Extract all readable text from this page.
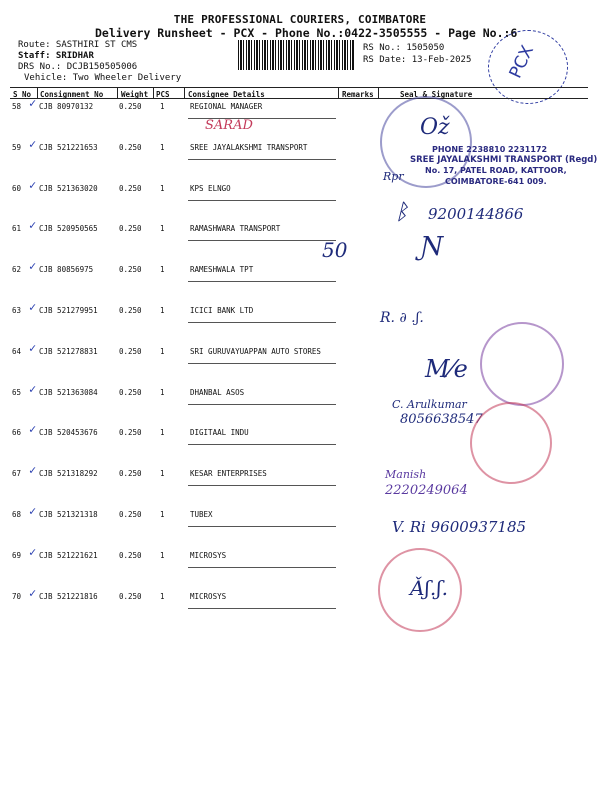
THE PROFESSIONAL COURIERS, COIMBATORE
Delivery Runsheet - PCX - Phone No.:0422-3505555 - Page No.:6
Route: SASTHIRI ST CMS
Staff: SRIDHAR
DRS No.: DCJB150505006
Vehicle: Two Wheeler Delivery
RS No.: 1505050
RS Date: 13-Feb-2025 PCX
S No Consignment No Weight PCS Consignee Details	Remarks	Seal & Signature
58 CJB 80970132	0.250 1	REGIONAL MANAGER
✓
59 CJB 521221653	0.250 1	SREE JAYALAKSHMI TRANSPORT
✓
60 CJB 521363020	0.250 1	KPS ELNGO
✓
61 CJB 520950565	0.250 1	RAMASHWARA TRANSPORT
✓
62 CJB 80856975	0.250 1	RAMESHWALA TPT
✓
63 CJB 521279951	0.250 1	ICICI BANK LTD
✓
64 CJB 521278831	0.250 1	SRI GURUVAYUAPPAN AUTO STORES
✓
65 CJB 521363084	0.250 1	DHANBAL ASOS
✓
66 CJB 520453676	0.250 1	DIGITAAL INDU
✓
67 CJB 521318292	0.250 1	KESAR ENTERPRISES
✓
68 CJB 521321318	0.250 1	TUBEX
✓
69 CJB 521221621	0.250 1	MICROSYS
✓
70 CJB 521221816	0.250 1	MICROSYS
✓
SARAD	Ož
PHONE 2238810 2231172
SREE JAYALAKSHMI TRANSPORT (Regd)
No. 17, PATEL ROAD, KATTOOR,
COIMBATORE-641 009.
Rpr
ᛒ 9200144866
50	Ɲ
R. ∂ .ʃ.
M⁄e
C. Arulkumar
8056638547
Manish
2220249064
V. Ri 9600937185
Ǎʃ.ʃ.
